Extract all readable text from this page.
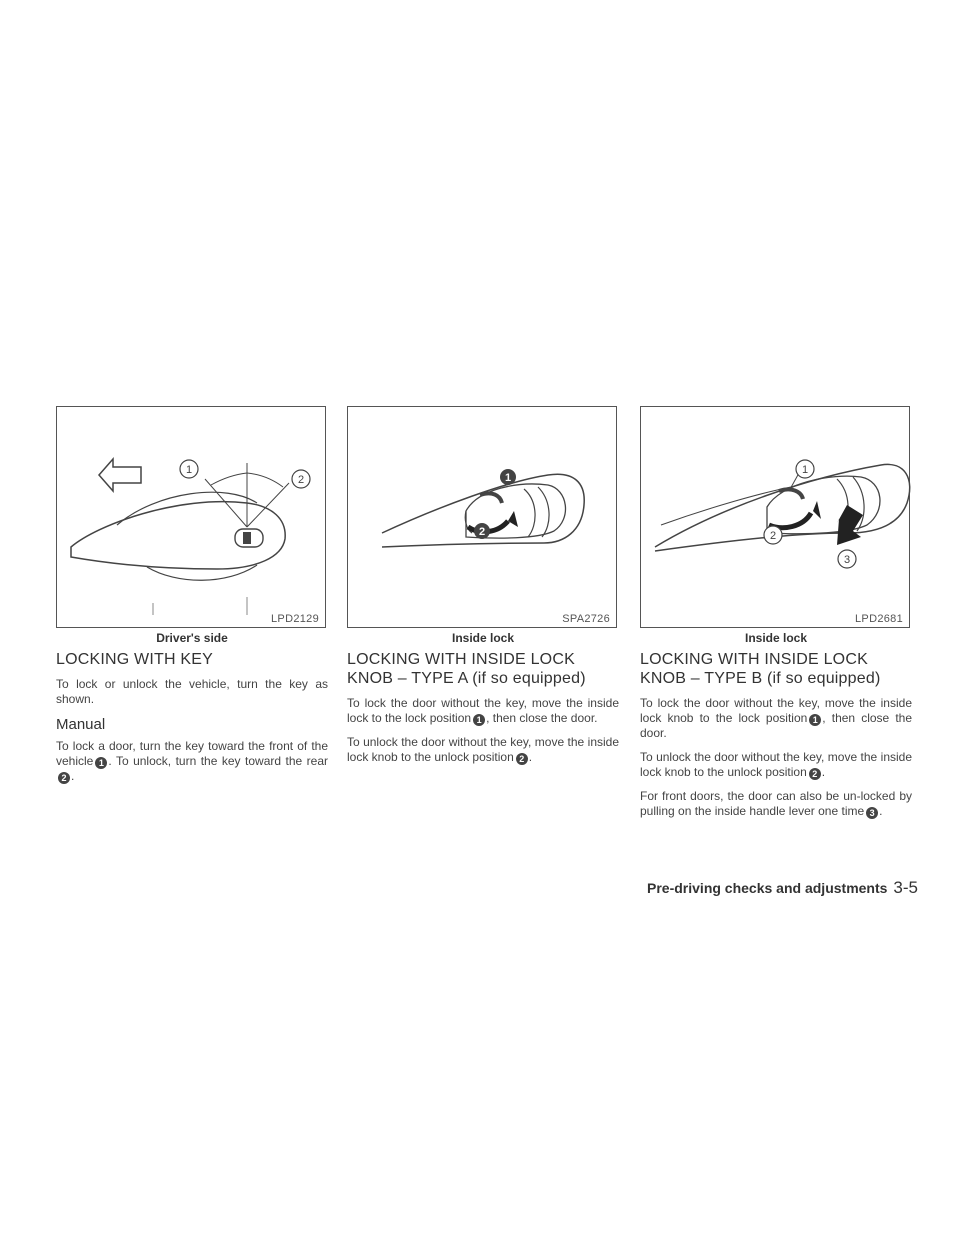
1
2
LPD2129
Driver's side
LOCKING WITH KEY

To lock or unlock the vehicle, turn the key as shown.

Manual

To lock a door, turn the key toward the front of the vehicle 1 . To unlock, turn the key toward the rear2 .

1
2
SPA2726
Inside lock
LOCKING WITH INSIDE LOCK KNOB – TYPE A (if so equipped)

To lock the door without the key, move the inside lock to the lock position 1 , then close the door.

To unlock the door without the key, move the inside lock knob to the unlock position 2 .

1
2
3
LPD2681
Inside lock
LOCKING WITH INSIDE LOCK KNOB – TYPE B (if so equipped)

To lock the door without the key, move the inside lock knob to the lock position 1 , then close the door.

To unlock the door without the key, move the inside lock knob to the unlock position 2 .

For front doors, the door can also be un-locked by pulling on the inside handle lever one time 3 .

Pre-driving checks and adjustments 3-5
